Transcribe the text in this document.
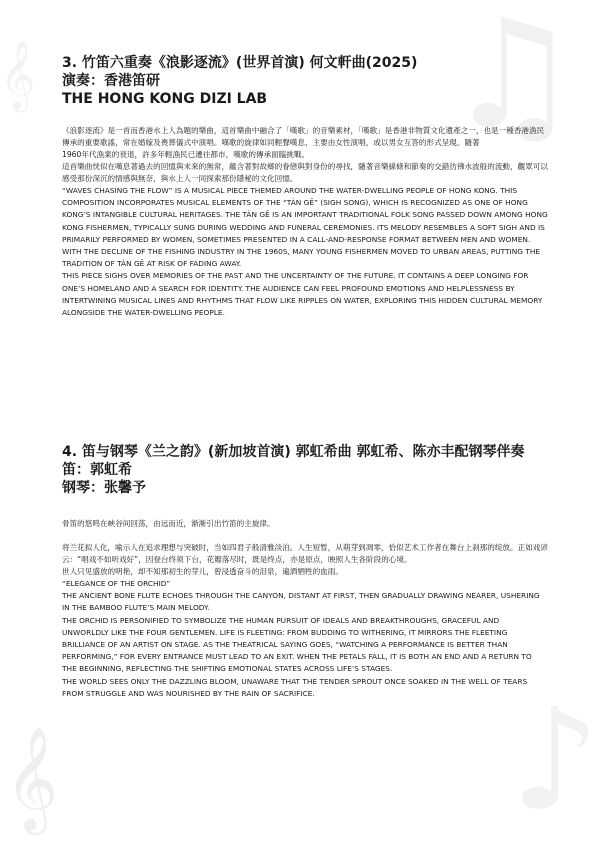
♫
𝄞
𝄞	♪
3. 竹笛六重奏《浪影逐流》(世界首演) 何文軒曲(2025)
演奏：香港笛研
THE HONG KONG DIZI LAB

《浪影逐流》是一首而香港水上人為題的樂曲，這首樂曲中融合了「嘆歌」的音樂素材，「嘆歌」是香港非物質文化遺產之一，也是一種香港漁民傳承的重要歌謠，常在婚嫁及喪葬儀式中演唱。嘆歌的旋律如同輕聲嘆息，主要由女性演唱，或以男女互答的形式呈現。隨著

1960年代漁業的衰退，許多年輕漁民已遷往都市，嘆歌的傳承面臨挑戰。

這首樂曲恍似在嘆息著過去的回憶與未來的無常，蘊含著對故鄉的眷戀與對身份的尋找，隨著音樂線條和節奏的交錯彷彿水波般的流動，觀眾可以感受那份深沉的情感與無奈，與水上人一同探索那份隱秘的文化回憶。

“WAVES CHASING THE FLOW” IS A MUSICAL PIECE THEMED AROUND THE WATER-DWELLING PEOPLE OF HONG KONG. THIS COMPOSITION INCORPORATES MUSICAL ELEMENTS OF THE “TÀN GĒ” (SIGH SONG), WHICH IS RECOGNIZED AS ONE OF HONG KONG’S INTANGIBLE CULTURAL HERITAGES. THE TÀN GĒ IS AN IMPORTANT TRADITIONAL FOLK SONG PASSED DOWN AMONG HONG KONG FISHERMEN, TYPICALLY SUNG DURING WEDDING AND FUNERAL CEREMONIES. ITS MELODY RESEMBLES A SOFT SIGH AND IS PRIMARILY PERFORMED BY WOMEN, SOMETIMES PRESENTED IN A CALL-AND-RESPONSE FORMAT BETWEEN MEN AND WOMEN.

WITH THE DECLINE OF THE FISHING INDUSTRY IN THE 1960S, MANY YOUNG FISHERMEN MOVED TO URBAN AREAS, PUTTING THE TRADITION OF TÀN GĒ AT RISK OF FADING AWAY.

THIS PIECE SIGHS OVER MEMORIES OF THE PAST AND THE UNCERTAINTY OF THE FUTURE. IT CONTAINS A DEEP LONGING FOR ONE’S HOMELAND AND A SEARCH FOR IDENTITY. THE AUDIENCE CAN FEEL PROFOUND EMOTIONS AND HELPLESSNESS BY INTERTWINING MUSICAL LINES AND RHYTHMS THAT FLOW LIKE RIPPLES ON WATER, EXPLORING THIS HIDDEN CULTURAL MEMORY ALONGSIDE THE WATER-DWELLING PEOPLE.

4. 笛与钢琴《兰之韵》(新加坡首演) 郭虹希曲 郭虹希、陈亦丰配钢琴伴奏
笛：郭虹希
钢琴：张馨予

骨笛的悠鸣在峡谷间回荡，由远而近，渐渐引出竹笛的主旋律。

将兰花拟人化，喻示人在追求理想与突破时，当如四君子般清雅淡泊。人生短暂，从萌芽到凋零，恰似艺术工作者在舞台上刹那的绽放。正如戏谚云：“唱戏不如听戏好”，因登台终须下台，花瓣落尽时，既是终点，亦是原点，映照人生各阶段的心境。

世人只见盛放的明艳，却不知那初生的芽儿，曾浸透奋斗的泪泉，遍洒牺牲的血雨。

“ELEGANCE OF THE ORCHID”

THE ANCIENT BONE FLUTE ECHOES THROUGH THE CANYON, DISTANT AT FIRST, THEN GRADUALLY DRAWING NEARER, USHERING IN THE BAMBOO FLUTE’S MAIN MELODY.

THE ORCHID IS PERSONIFIED TO SYMBOLIZE THE HUMAN PURSUIT OF IDEALS AND BREAKTHROUGHS, GRACEFUL AND UNWORLDLY LIKE THE FOUR GENTLEMEN. LIFE IS FLEETING: FROM BUDDING TO WITHERING, IT MIRRORS THE FLEETING BRILLIANCE OF AN ARTIST ON STAGE. AS THE THEATRICAL SAYING GOES, “WATCHING A PERFORMANCE IS BETTER THAN PERFORMING,” FOR EVERY ENTRANCE MUST LEAD TO AN EXIT. WHEN THE PETALS FALL, IT IS BOTH AN END AND A RETURN TO THE BEGINNING, REFLECTING THE SHIFTING EMOTIONAL STATES ACROSS LIFE’S STAGES.

THE WORLD SEES ONLY THE DAZZLING BLOOM, UNAWARE THAT THE TENDER SPROUT ONCE SOAKED IN THE WELL OF TEARS FROM STRUGGLE AND WAS NOURISHED BY THE RAIN OF SACRIFICE.
